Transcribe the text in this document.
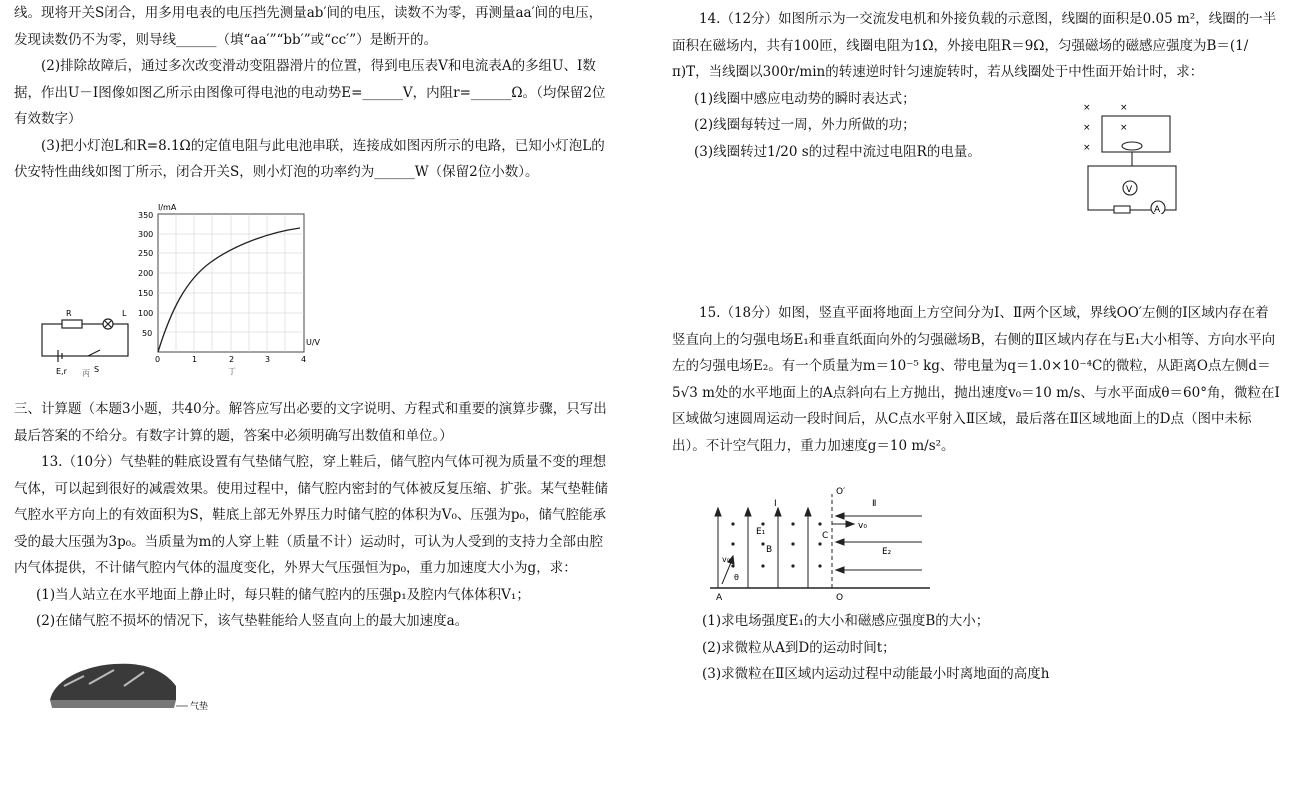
线。现将开关S闭合，用多用电表的电压挡先测量ab′间的电压，读数不为零，再测量aa′间的电压，发现读数仍不为零，则导线______（填“aa′”“bb′”或“cc′”）是断开的。

(2)排除故障后，通过多次改变滑动变阻器滑片的位置，得到电压表V和电流表A的多组U、I数据，作出U－I图像如图乙所示由图像可得电池的电动势E=______V，内阻r=______Ω。（均保留2位有效数字）

(3)把小灯泡L和R=8.1Ω的定值电阻与此电池串联，连接成如图丙所示的电路，已知小灯泡L的伏安特性曲线如图丁所示，闭合开关S，则小灯泡的功率约为______W（保留2位小数）。

R	L
E,r	S
丙
I/mA
U/V
50
100
150
200
250
300
350
0	1	2	3	4
丁

三、计算题（本题3小题，共40分。解答应写出必要的文字说明、方程式和重要的演算步骤，只写出最后答案的不给分。有数字计算的题，答案中必须明确写出数值和单位。）

13.（10分）气垫鞋的鞋底设置有气垫储气腔，穿上鞋后，储气腔内气体可视为质量不变的理想气体，可以起到很好的减震效果。使用过程中，储气腔内密封的气体被反复压缩、扩张。某气垫鞋储气腔水平方向上的有效面积为S，鞋底上部无外界压力时储气腔的体积为V₀、压强为p₀，储气腔能承受的最大压强为3p₀。当质量为m的人穿上鞋（质量不计）运动时，可认为人受到的支持力全部由腔内气体提供，不计储气腔内气体的温度变化，外界大气压强恒为p₀，重力加速度大小为g，求：

(1)当人站立在水平地面上静止时，每只鞋的储气腔内的压强p₁及腔内气体体积V₁；

(2)在储气腔不损坏的情况下，该气垫鞋能给人竖直向上的最大加速度a。

气垫

14.（12分）如图所示为一交流发电机和外接负载的示意图，线圈的面积是0.05 m²，线圈的一半面积在磁场内，共有100匝，线圈电阻为1Ω，外接电阻R＝9Ω，匀强磁场的磁感应强度为B＝(1/π)T，当线圈以300r/min的转速逆时针匀速旋转时，若从线圈处于中性面开始计时，求：

(1)线圈中感应电动势的瞬时表达式；

(2)线圈每转过一周，外力所做的功；

(3)线圈转过1/20 s的过程中流过电阻R的电量。

×	×
×	×
×
V
A

15.（18分）如图，竖直平面将地面上方空间分为Ⅰ、Ⅱ两个区域，界线OO′左侧的Ⅰ区域内存在着竖直向上的匀强电场E₁和垂直纸面向外的匀强磁场B，右侧的Ⅱ区域内存在与E₁大小相等、方向水平向左的匀强电场E₂。有一个质量为m＝10⁻⁵ kg、带电量为q＝1.0×10⁻⁴C的微粒，从距离O点左侧d＝5√3 m处的水平地面上的A点斜向右上方抛出，抛出速度v₀＝10 m/s、与水平面成θ＝60°角，微粒在Ⅰ区域做匀速圆周运动一段时间后，从C点水平射入Ⅱ区域，最后落在Ⅱ区域地面上的D点（图中未标出）。不计空气阻力，重力加速度g＝10 m/s²。

Ⅰ	Ⅱ
O′
O
E₁
E₂
B
C
v₀
v₀
θ
A

(1)求电场强度E₁的大小和磁感应强度B的大小；

(2)求微粒从A到D的运动时间t；

(3)求微粒在Ⅱ区域内运动过程中动能最小时离地面的高度h
